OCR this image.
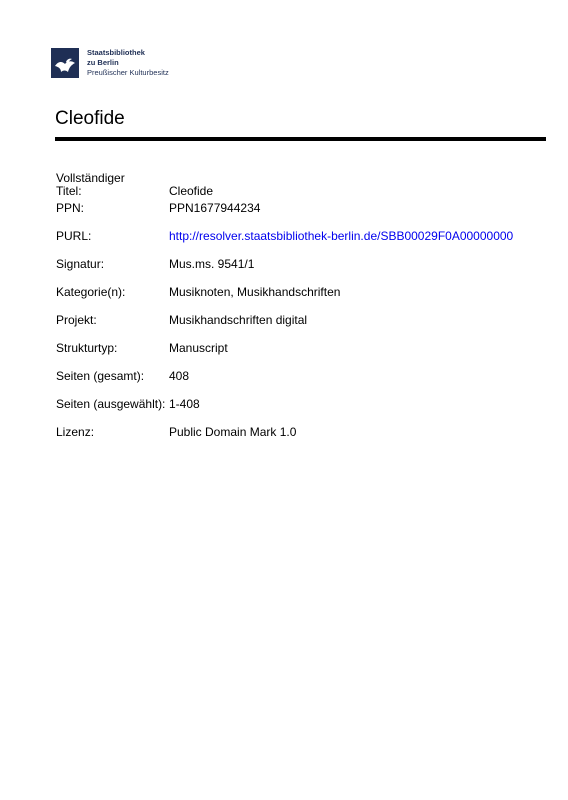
Staatsbibliothek
zu Berlin
Preußischer Kulturbesitz
Cleofide
Vollständiger
Titel:	Cleofide
PPN:	PPN1677944234
PURL:	http://resolver.staatsbibliothek-berlin.de/SBB00029F0A00000000
Signatur:	Mus.ms. 9541/1
Kategorie(n):	Musiknoten, Musikhandschriften
Projekt:	Musikhandschriften digital
Strukturtyp:	Manuscript
Seiten (gesamt):	408
Seiten (ausgewählt): 1-408
Lizenz:	Public Domain Mark 1.0
